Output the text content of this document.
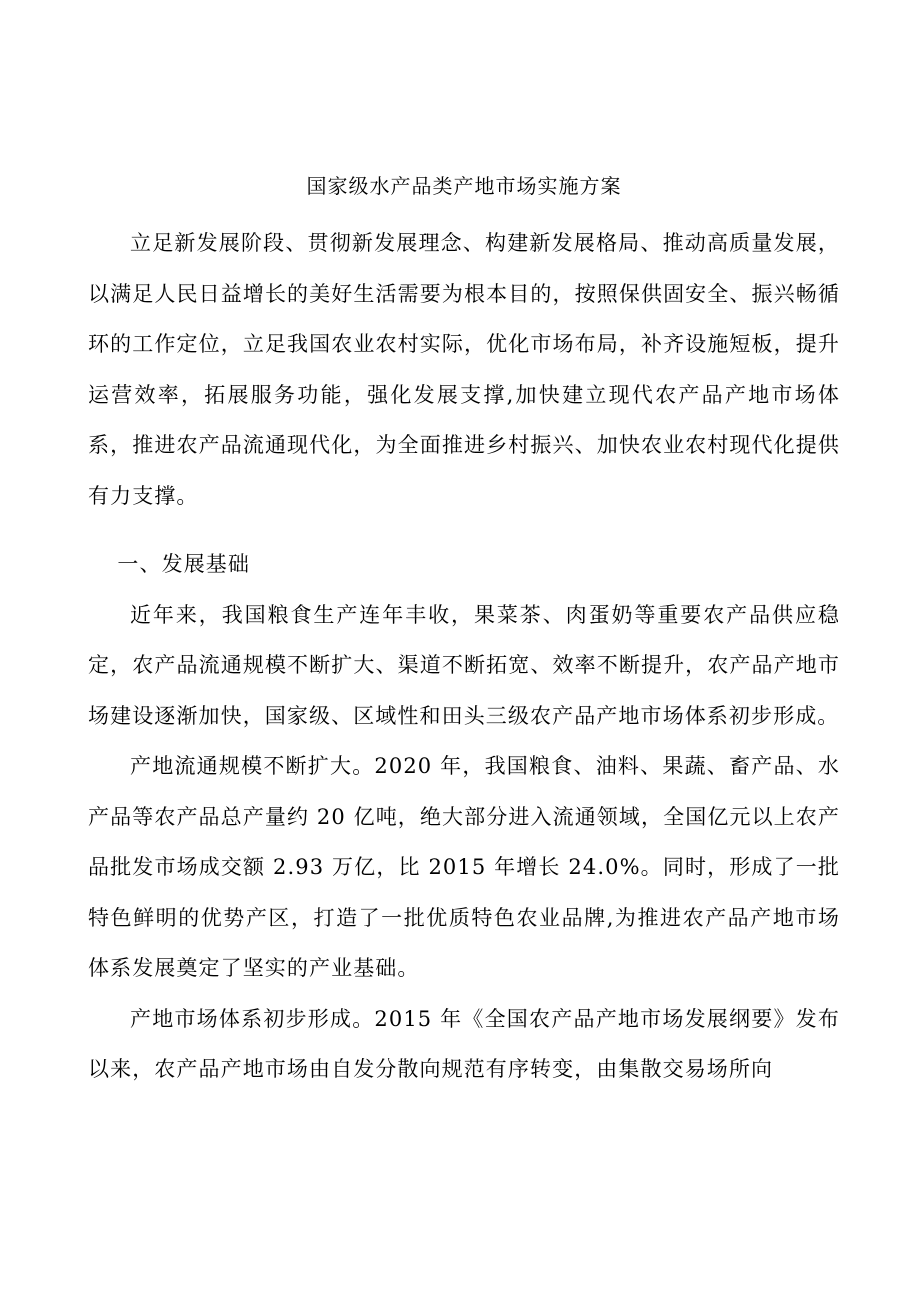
国家级水产品类产地市场实施方案

立足新发展阶段、贯彻新发展理念、构建新发展格局、推动高质量发展，以满足人民日益增长的美好生活需要为根本目的，按照保供固安全、振兴畅循环的工作定位，立足我国农业农村实际，优化市场布局，补齐设施短板，提升运营效率，拓展服务功能，强化发展支撑,加快建立现代农产品产地市场体系，推进农产品流通现代化，为全面推进乡村振兴、加快农业农村现代化提供有力支撑。

一、发展基础

近年来，我国粮食生产连年丰收，果菜茶、肉蛋奶等重要农产品供应稳定，农产品流通规模不断扩大、渠道不断拓宽、效率不断提升，农产品产地市场建设逐渐加快，国家级、区域性和田头三级农产品产地市场体系初步形成。

产地流通规模不断扩大。2020 年，我国粮食、油料、果蔬、畜产品、水产品等农产品总产量约 20 亿吨，绝大部分进入流通领域，全国亿元以上农产品批发市场成交额 2.93 万亿，比 2015 年增长 24.0%。同时，形成了一批特色鲜明的优势产区，打造了一批优质特色农业品牌,为推进农产品产地市场体系发展奠定了坚实的产业基础。

产地市场体系初步形成。2015 年《全国农产品产地市场发展纲要》发布以来，农产品产地市场由自发分散向规范有序转变，由集散交易场所向
